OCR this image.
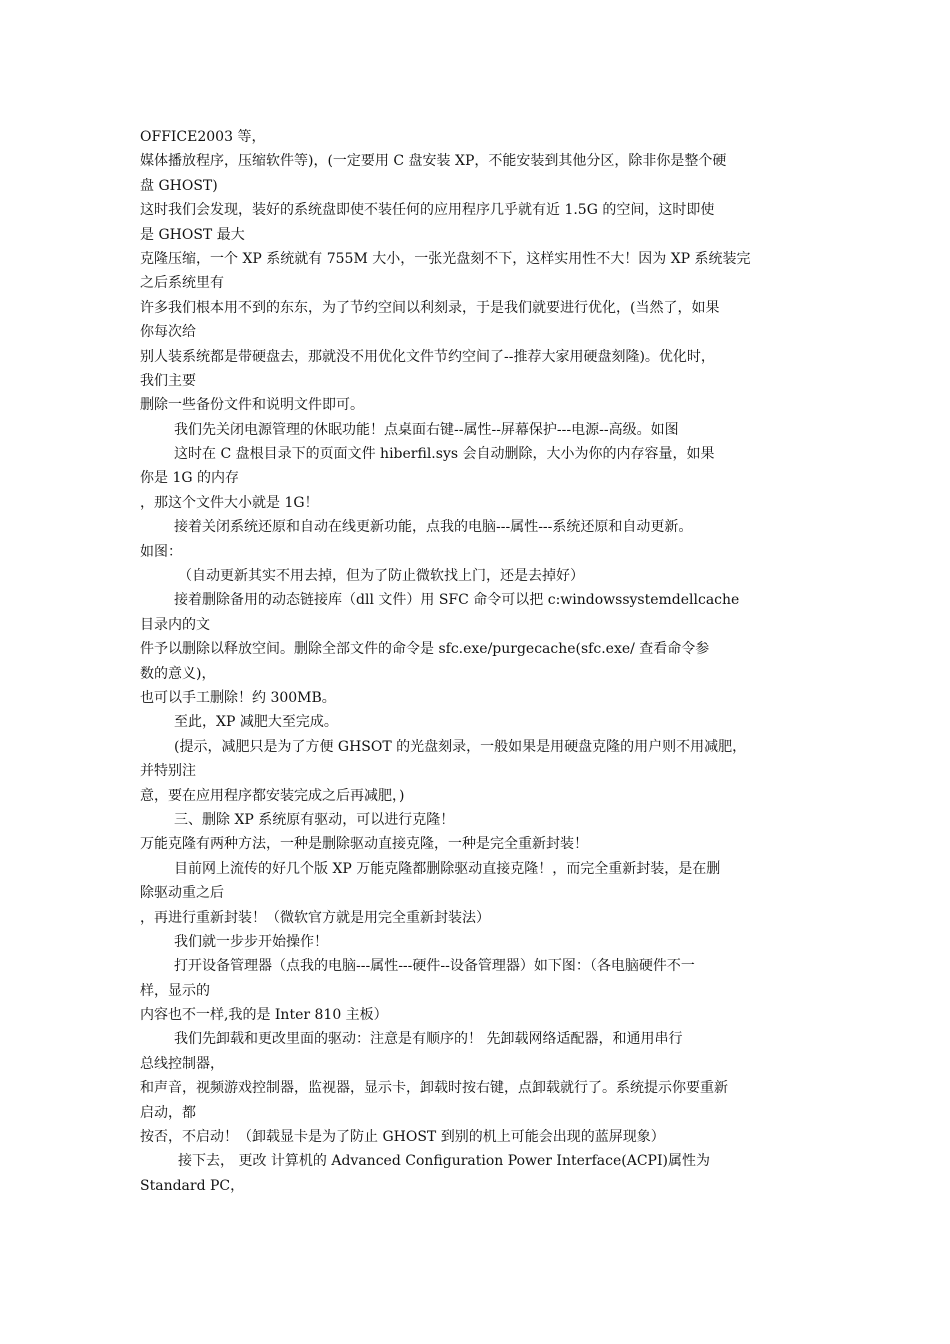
OFFICE2003 等，
媒体播放程序，压缩软件等)，(一定要用 C 盘安装 XP，不能安装到其他分区，除非你是整个硬
盘 GHOST)
这时我们会发现，装好的系统盘即使不装任何的应用程序几乎就有近 1.5G 的空间，这时即使
是 GHOST 最大
克隆压缩，一个 XP 系统就有 755M 大小，一张光盘刻不下，这样实用性不大！因为 XP 系统装完
之后系统里有
许多我们根本用不到的东东，为了节约空间以利刻录，于是我们就要进行优化，(当然了，如果
你每次给
别人装系统都是带硬盘去，那就没不用优化文件节约空间了--推荐大家用硬盘刻隆)。优化时，
我们主要
删除一些备份文件和说明文件即可。
我们先关闭电源管理的休眠功能！点桌面右键--属性--屏幕保护---电源--高级。如图
这时在 C 盘根目录下的页面文件 hiberfil.sys 会自动删除，大小为你的内存容量，如果
你是 1G 的内存
，那这个文件大小就是 1G！
接着关闭系统还原和自动在线更新功能，点我的电脑---属性---系统还原和自动更新。
如图：
（自动更新其实不用去掉，但为了防止微软找上门，还是去掉好）
接着删除备用的动态链接库（dll 文件）用 SFC 命令可以把 c:windowssystemdellcache
目录内的文
件予以删除以释放空间。删除全部文件的命令是 sfc.exe/purgecache(sfc.exe/ 查看命令参
数的意义)，
也可以手工删除！约 300MB。
至此，XP 减肥大至完成。
(提示，减肥只是为了方便 GHSOT 的光盘刻录，一般如果是用硬盘克隆的用户则不用减肥，
并特别注
意，要在应用程序都安装完成之后再减肥，)
三、删除 XP 系统原有驱动，可以进行克隆！
万能克隆有两种方法，一种是删除驱动直接克隆，一种是完全重新封装！
目前网上流传的好几个版 XP 万能克隆都删除驱动直接克隆！，而完全重新封装，是在删
除驱动重之后
，再进行重新封装！（微软官方就是用完全重新封装法）
我们就一步步开始操作！
打开设备管理器（点我的电脑---属性---硬件--设备管理器）如下图：（各电脑硬件不一
样，显示的
内容也不一样,我的是 Inter 810 主板）
我们先卸载和更改里面的驱动：注意是有顺序的！ 先卸载网络适配器，和通用串行
总线控制器，
和声音，视频游戏控制器，监视器，显示卡，卸载时按右键，点卸载就行了。系统提示你要重新
启动，都
按否，不启动！（卸载显卡是为了防止 GHOST 到别的机上可能会出现的蓝屏现象）
接下去， 更改 计算机的 Advanced Configuration Power Interface(ACPI)属性为
Standard PC，
